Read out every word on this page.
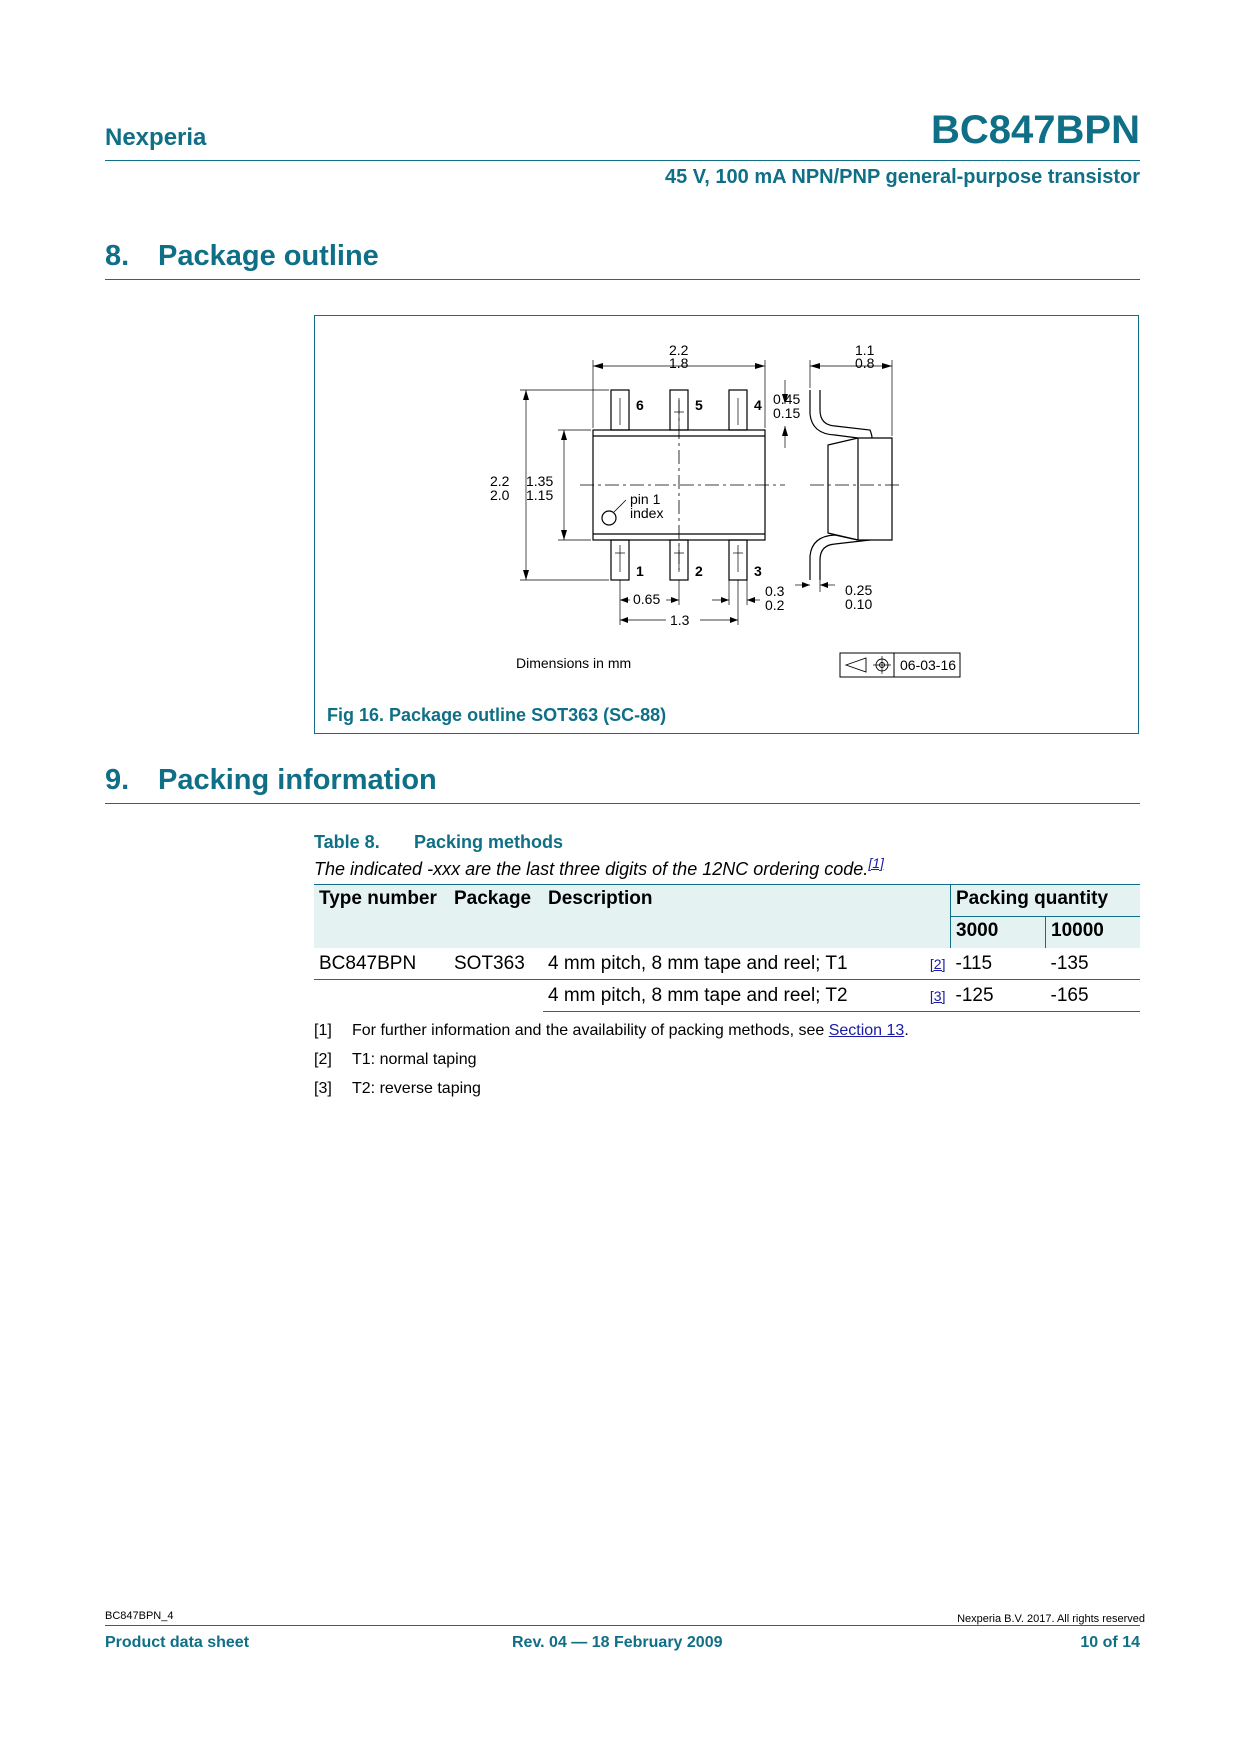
Nexperia	BC847BPN
45 V, 100 mA NPN/PNP general-purpose transistor
8. Package outline
2.2
1.8
2.2
2.0
1.35
1.15	pin 1
index
0.65
1.3
0.3
0.2
1.1
0.8
0.45
0.15
0.25
0.10
6	5	4
1	2	3
Dimensions in mm	06-03-16
Fig 16. Package outline SOT363 (SC-88)
9. Packing information
Table 8. Packing methods
The indicated -xxx are the last three digits of the 12NC ordering code.[1]
Type number	Package	Description		Packing quantity	
				3000	10000
BC847BPN	SOT363	4 mm pitch, 8 mm tape and reel; T1	[2]	-115	-135
		4 mm pitch, 8 mm tape and reel; T2	[3]	-125	-165
[1] For further information and the availability of packing methods, see Section 13.
[2] T1: normal taping
[3] T2: reverse taping
BC847BPN_4	Nexperia B.V. 2017. All rights reserved
Product data sheet	Rev. 04 — 18 February 2009	10 of 14
